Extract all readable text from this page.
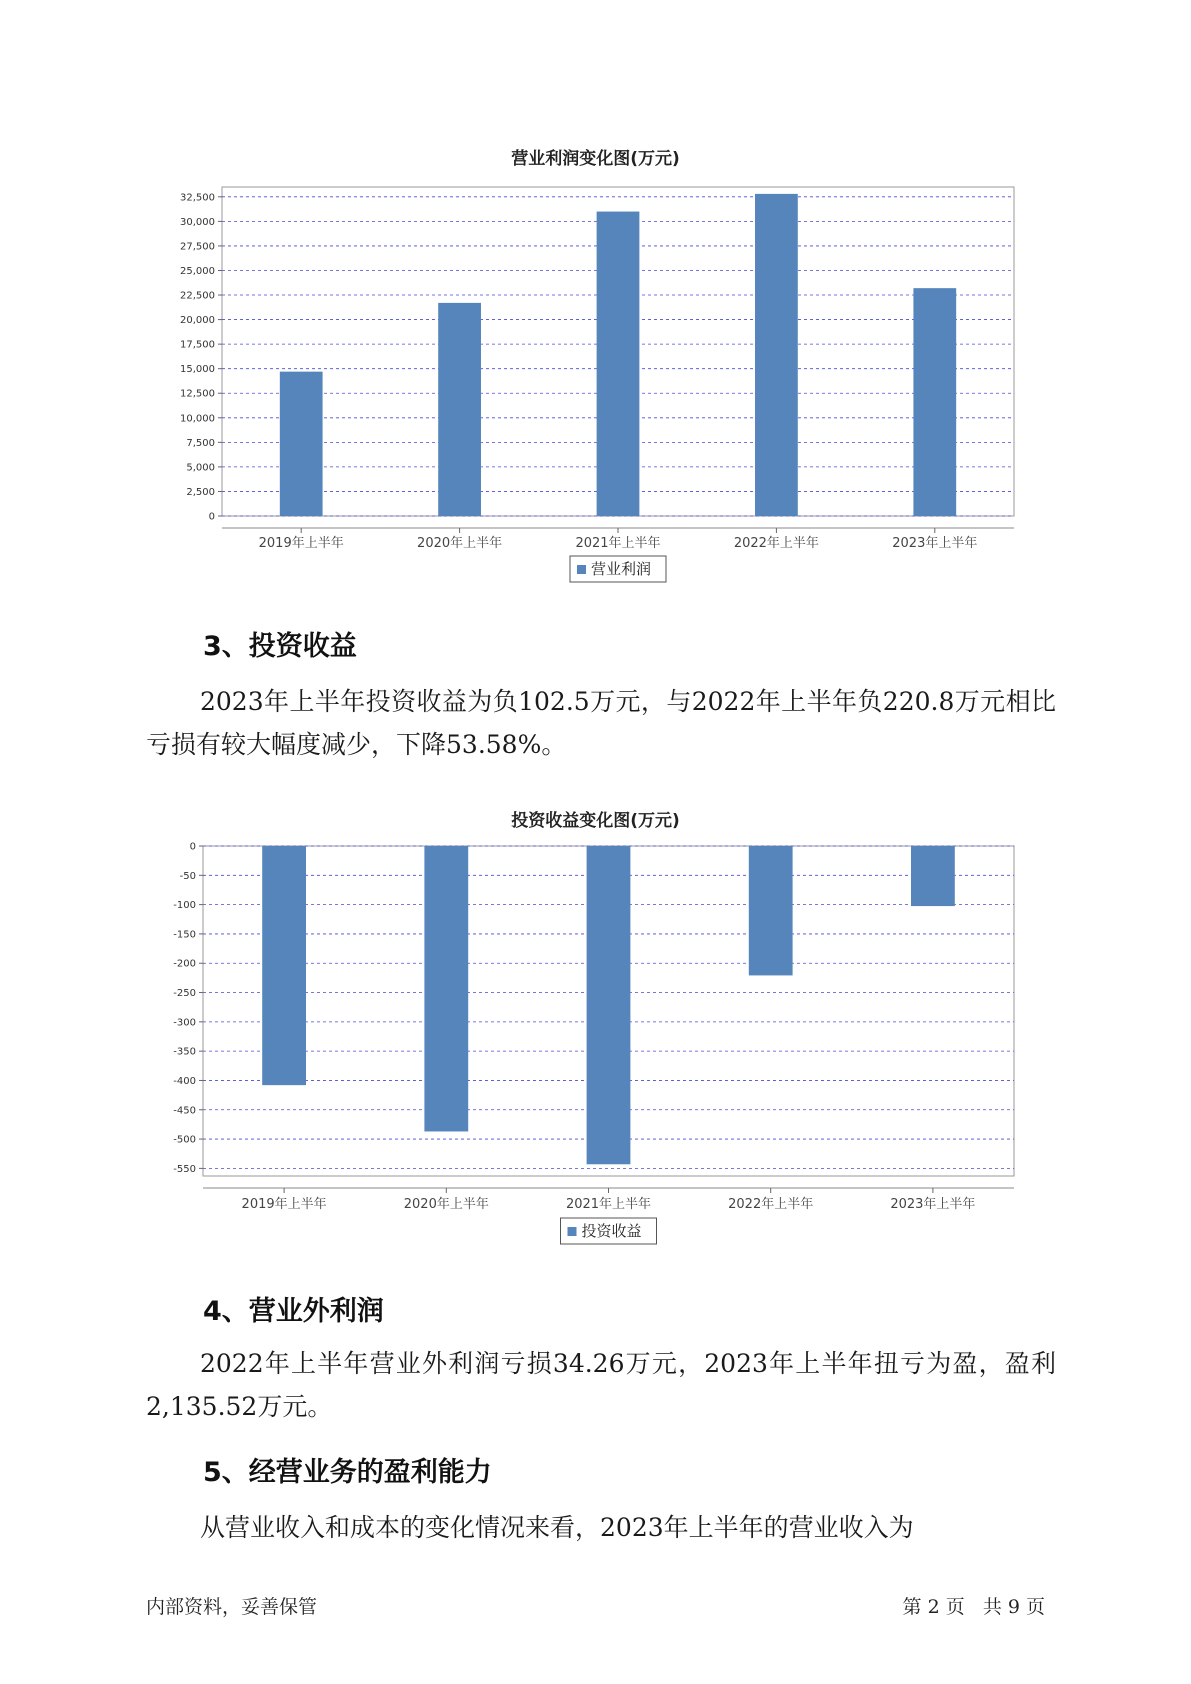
营业利润变化图(万元)
0
2,500
5,000
7,500
10,000
12,500
15,000
17,500
20,000
22,500
25,000
27,500
30,000
32,500
2019年上半年	2020年上半年	2021年上半年	2022年上半年	2023年上半年
营业利润
3、投资收益
2023年上半年投资收益为负102.5万元，与2022年上半年负220.8万元相比亏损有较大幅度减少，下降53.58%。
投资收益变化图(万元)
0
-50
-100
-150
-200
-250
-300
-350
-400
-450
-500
-550
2019年上半年	2020年上半年	2021年上半年	2022年上半年	2023年上半年
投资收益
4、营业外利润
2022年上半年营业外利润亏损34.26万元，2023年上半年扭亏为盈，盈利2,135.52万元。
5、经营业务的盈利能力
从营业收入和成本的变化情况来看，2023年上半年的营业收入为
内部资料，妥善保管	第 2 页   共 9 页
